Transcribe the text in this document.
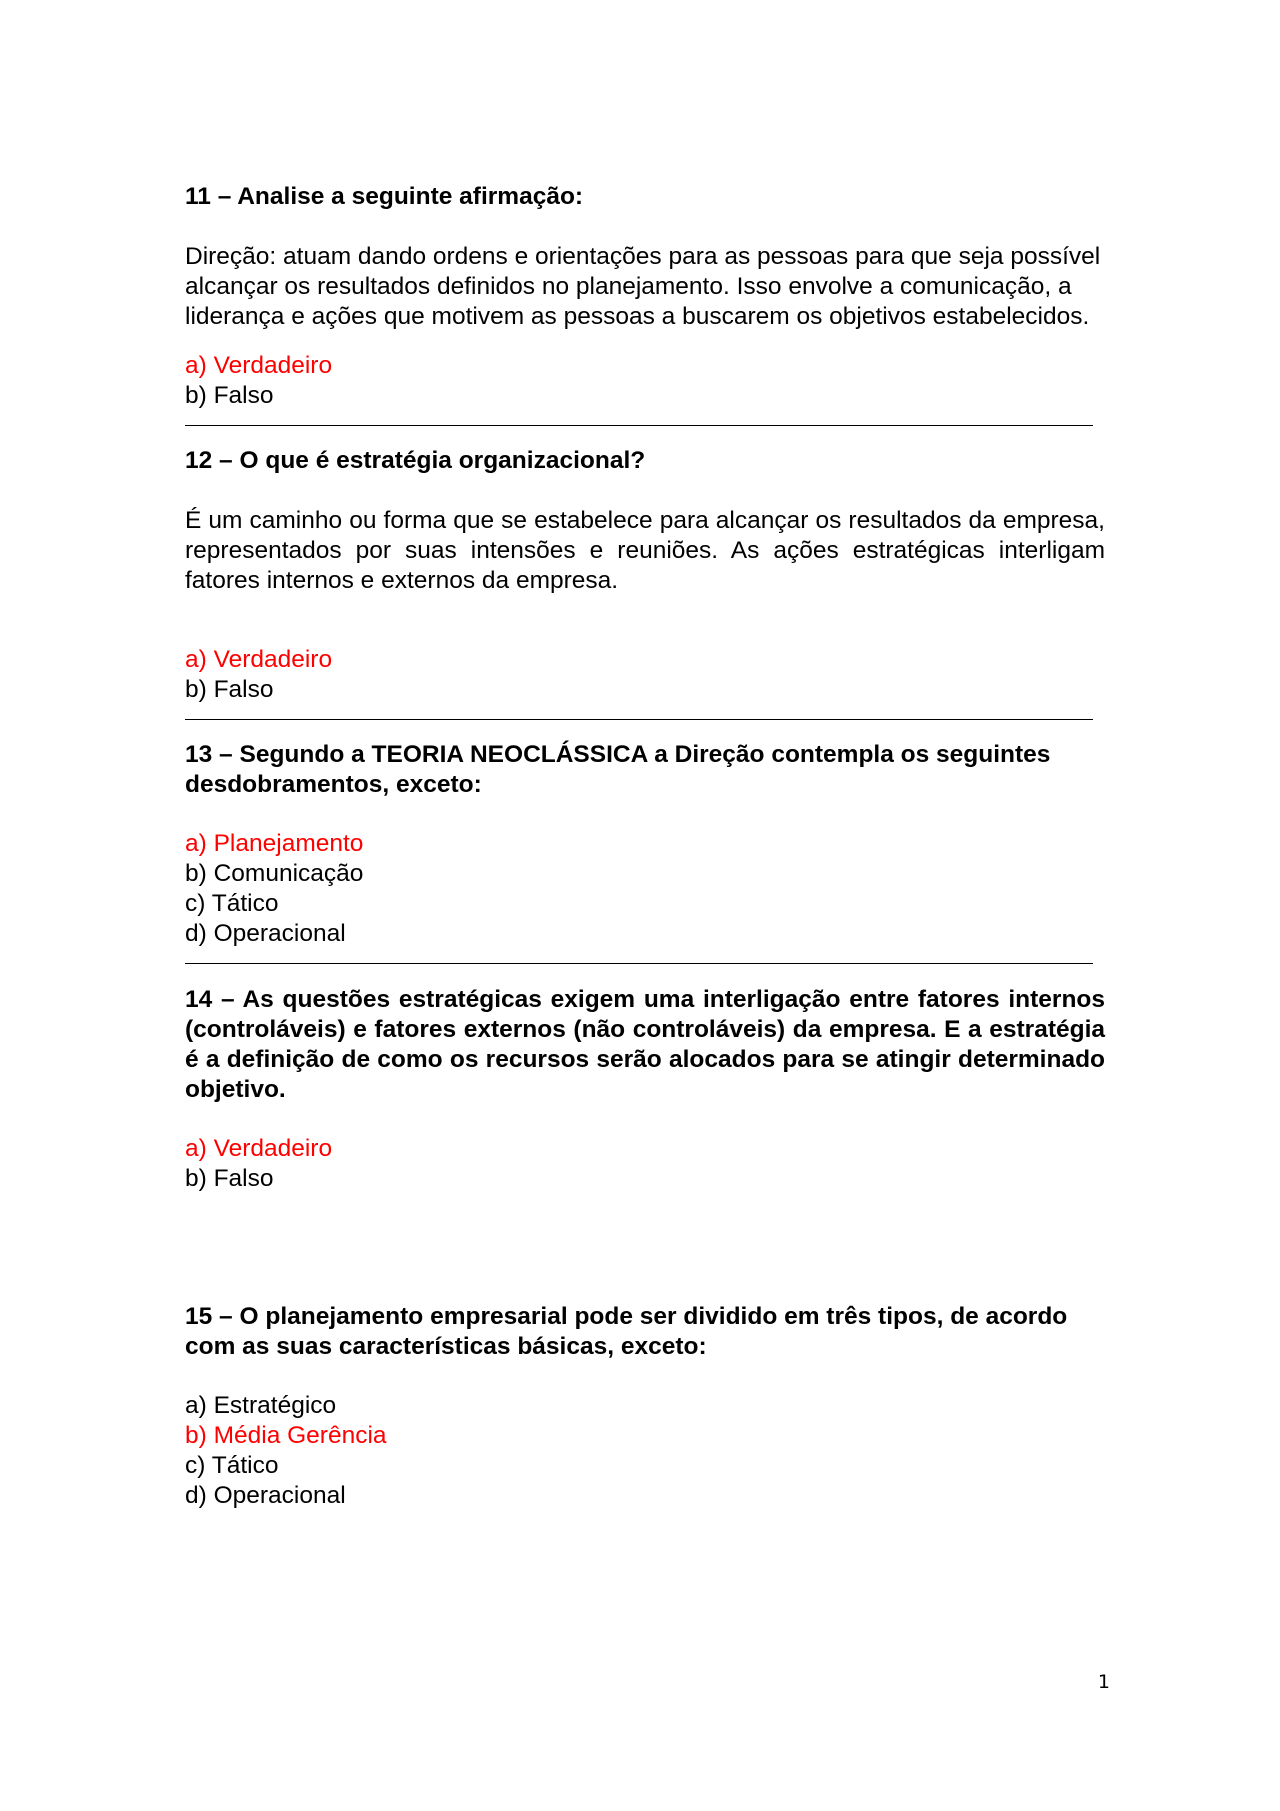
11 – Analise a seguinte afirmação:

Direção: atuam dando ordens e orientações para as pessoas para que seja possível alcançar os resultados definidos no planejamento. Isso envolve a comunicação, a liderança e ações que motivem as pessoas a buscarem os objetivos estabelecidos.

a) Verdadeiro
b) Falso

12 – O que é estratégia organizacional?

É um caminho ou forma que se estabelece para alcançar os resultados da empresa, representados por suas intensões e reuniões. As ações estratégicas interligam fatores internos e externos da empresa.

a) Verdadeiro
b) Falso

13 – Segundo a TEORIA NEOCLÁSSICA a Direção contempla os seguintes desdobramentos, exceto:

a) Planejamento
b) Comunicação
c) Tático
d) Operacional

14 – As questões estratégicas exigem uma interligação entre fatores internos (controláveis) e fatores externos (não controláveis) da empresa. E a estratégia é a definição de como os recursos serão alocados para se atingir determinado objetivo.

a) Verdadeiro
b) Falso

15 – O planejamento empresarial pode ser dividido em três tipos, de acordo com as suas características básicas, exceto:

a) Estratégico
b) Média Gerência
c) Tático
d) Operacional
1
